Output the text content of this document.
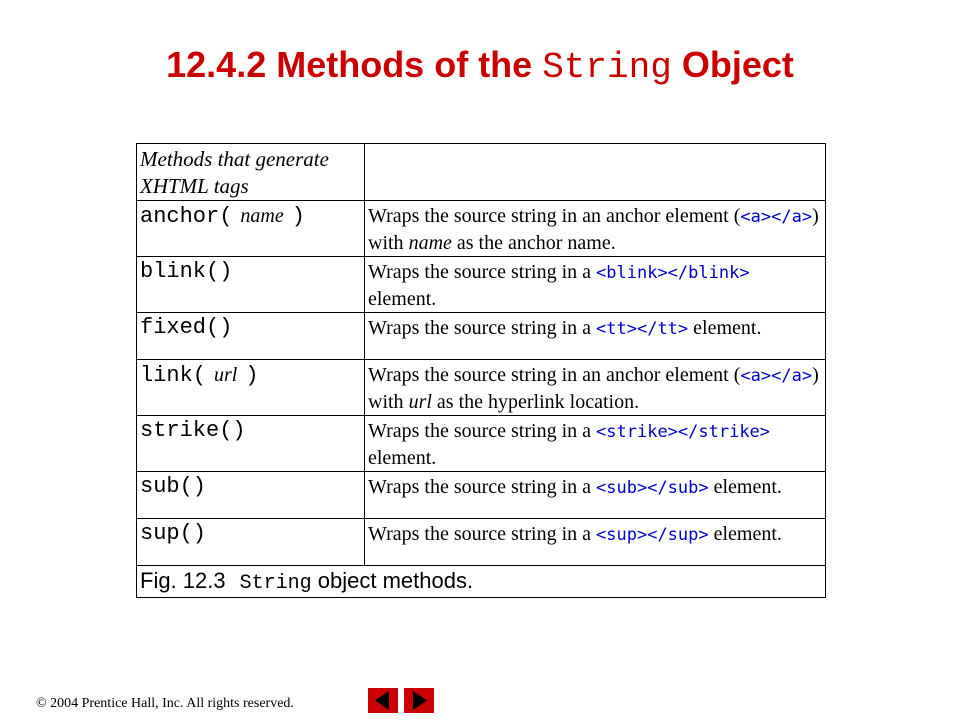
12.4.2 Methods of the String Object
Methods that generate XHTML tags	
anchor( name )	Wraps the source string in an anchor element (<a></a>) with name as the anchor name.
blink()	Wraps the source string in a <blink></blink> element.
fixed()	Wraps the source string in a <tt></tt> element.
link( url )	Wraps the source string in an anchor element (<a></a>) with url as the hyperlink location.
strike()	Wraps the source string in a <strike></strike> element.
sub()	Wraps the source string in a <sub></sub> element.
sup()	Wraps the source string in a <sup></sup> element.
Fig. 12.3 String object methods.	
© 2004 Prentice Hall, Inc. All rights reserved.
